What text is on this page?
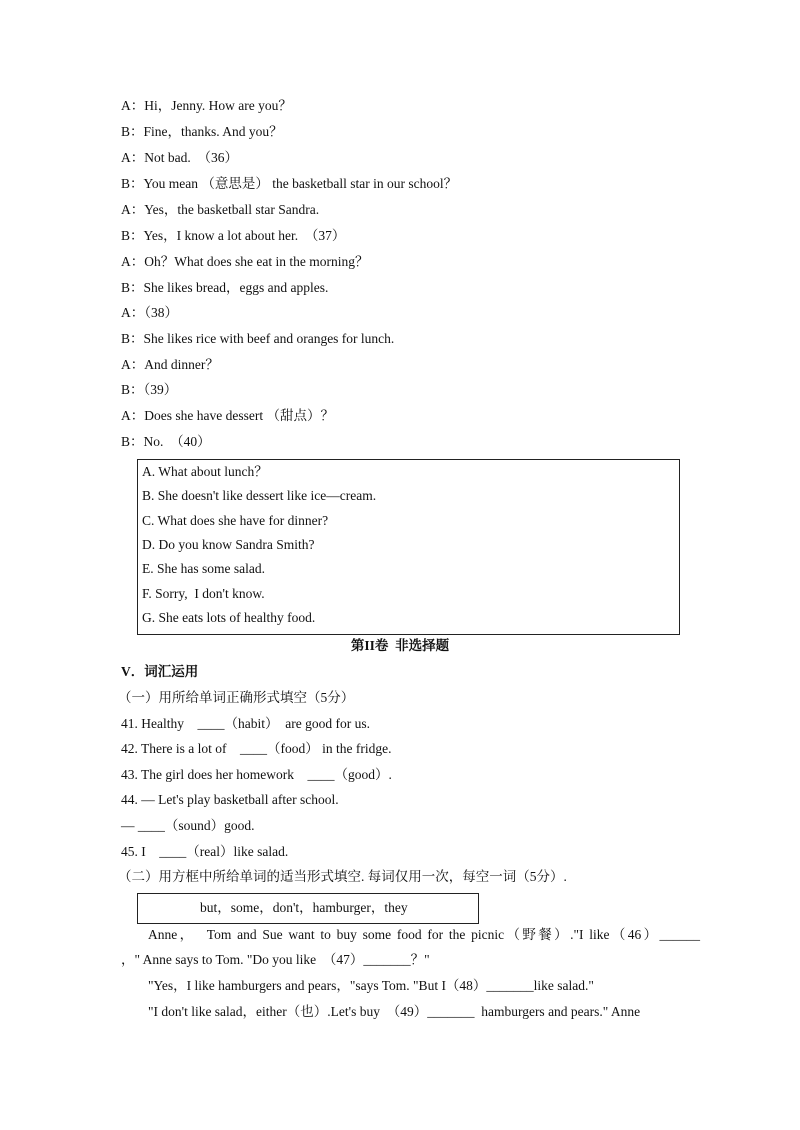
A：Hi，Jenny. How are you？
B：Fine，thanks. And you？
A：Not bad.　（36）
B：You mean （意思是） the basketball star in our school？
A：Yes，the basketball star Sandra.
B：Yes，I know a lot about her.　（37）
A：Oh？What does she eat in the morning？
B：She likes bread，eggs and apples.
A：（38）
B：She likes rice with beef and oranges for lunch.
A：And dinner？
B：（39）
A：Does she have dessert （甜点）？
B：No.　（40）
A. What about lunch？
B. She doesn't like dessert like ice—cream.
C. What does she have for dinner?
D. Do you know Sandra Smith?
E. She has some salad.
F. Sorry,  I don't know.
G. She eats lots of healthy food.
第II卷  非选择题
V．词汇运用
（一）用所给单词正确形式填空（5分）
41. Healthy　____（habit）  are good for us.
42. There is a lot of　____（food） in the fridge.
43. The girl does her homework　____（good）.
44. — Let's play basketball after school.
— ____（sound）good.
45. I　____（real）like salad.
（二）用方框中所给单词的适当形式填空. 每词仅用一次，每空一词（5分）.
but，some，don't，hamburger，they
Anne，  Tom and Sue want to buy some food for the picnic（野餐）."I like（46）______
，" Anne says to Tom. "Do you like  （47）_______？"
"Yes，I like hamburgers and pears，"says Tom. "But I（48）_______like salad."
"I don't like salad，either（也）.Let's buy  （49）_______  hamburgers and pears." Anne
